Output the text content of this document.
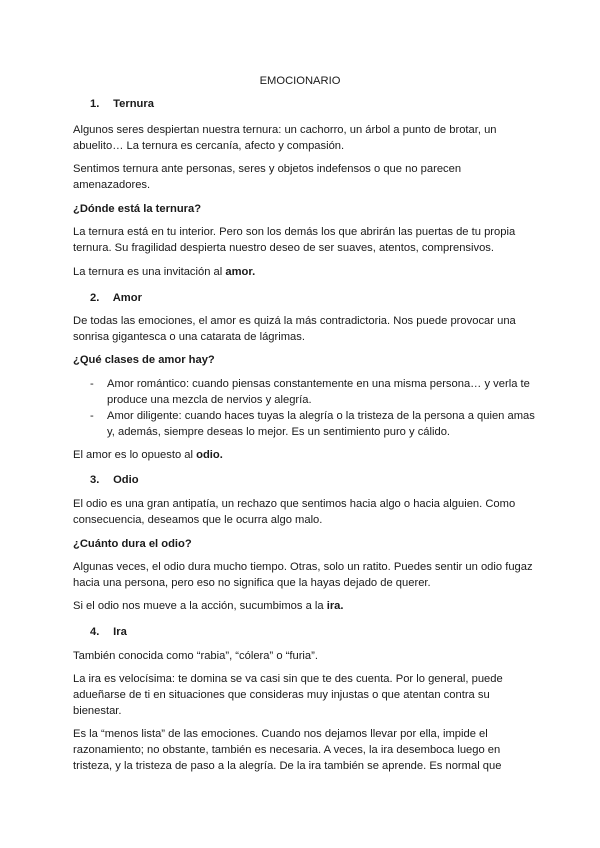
EMOCIONARIO
1. Ternura

Algunos seres despiertan nuestra ternura: un cachorro, un árbol a punto de brotar, un abuelito… La ternura es cercanía, afecto y compasión.

Sentimos ternura ante personas, seres y objetos indefensos o que no parecen amenazadores.

¿Dónde está la ternura?

La ternura está en tu interior. Pero son los demás los que abrirán las puertas de tu propia ternura. Su fragilidad despierta nuestro deseo de ser suaves, atentos, comprensivos.

La ternura es una invitación al amor.

2. Amor

De todas las emociones, el amor es quizá la más contradictoria. Nos puede provocar una sonrisa gigantesca o una catarata de lágrimas.

¿Qué clases de amor hay?
- Amor romántico: cuando piensas constantemente en una misma persona… y verla te produce una mezcla de nervios y alegría.
- Amor diligente: cuando haces tuyas la alegría o la tristeza de la persona a quien amas y, además, siempre deseas lo mejor. Es un sentimiento puro y cálido.

El amor es lo opuesto al odio.

3. Odio

El odio es una gran antipatía, un rechazo que sentimos hacia algo o hacia alguien. Como consecuencia, deseamos que le ocurra algo malo.

¿Cuánto dura el odio?

Algunas veces, el odio dura mucho tiempo. Otras, solo un ratito. Puedes sentir un odio fugaz hacia una persona, pero eso no significa que la hayas dejado de querer.

Si el odio nos mueve a la acción, sucumbimos a la ira.

4. Ira

También conocida como “rabia”, “cólera” o “furia”.

La ira es velocísima: te domina se va casi sin que te des cuenta. Por lo general, puede adueñarse de ti en situaciones que consideras muy injustas o que atentan contra su bienestar.

Es la “menos lista” de las emociones. Cuando nos dejamos llevar por ella, impide el razonamiento; no obstante, también es necesaria. A veces, la ira desemboca luego en tristeza, y la tristeza de paso a la alegría. De la ira también se aprende. Es normal que
